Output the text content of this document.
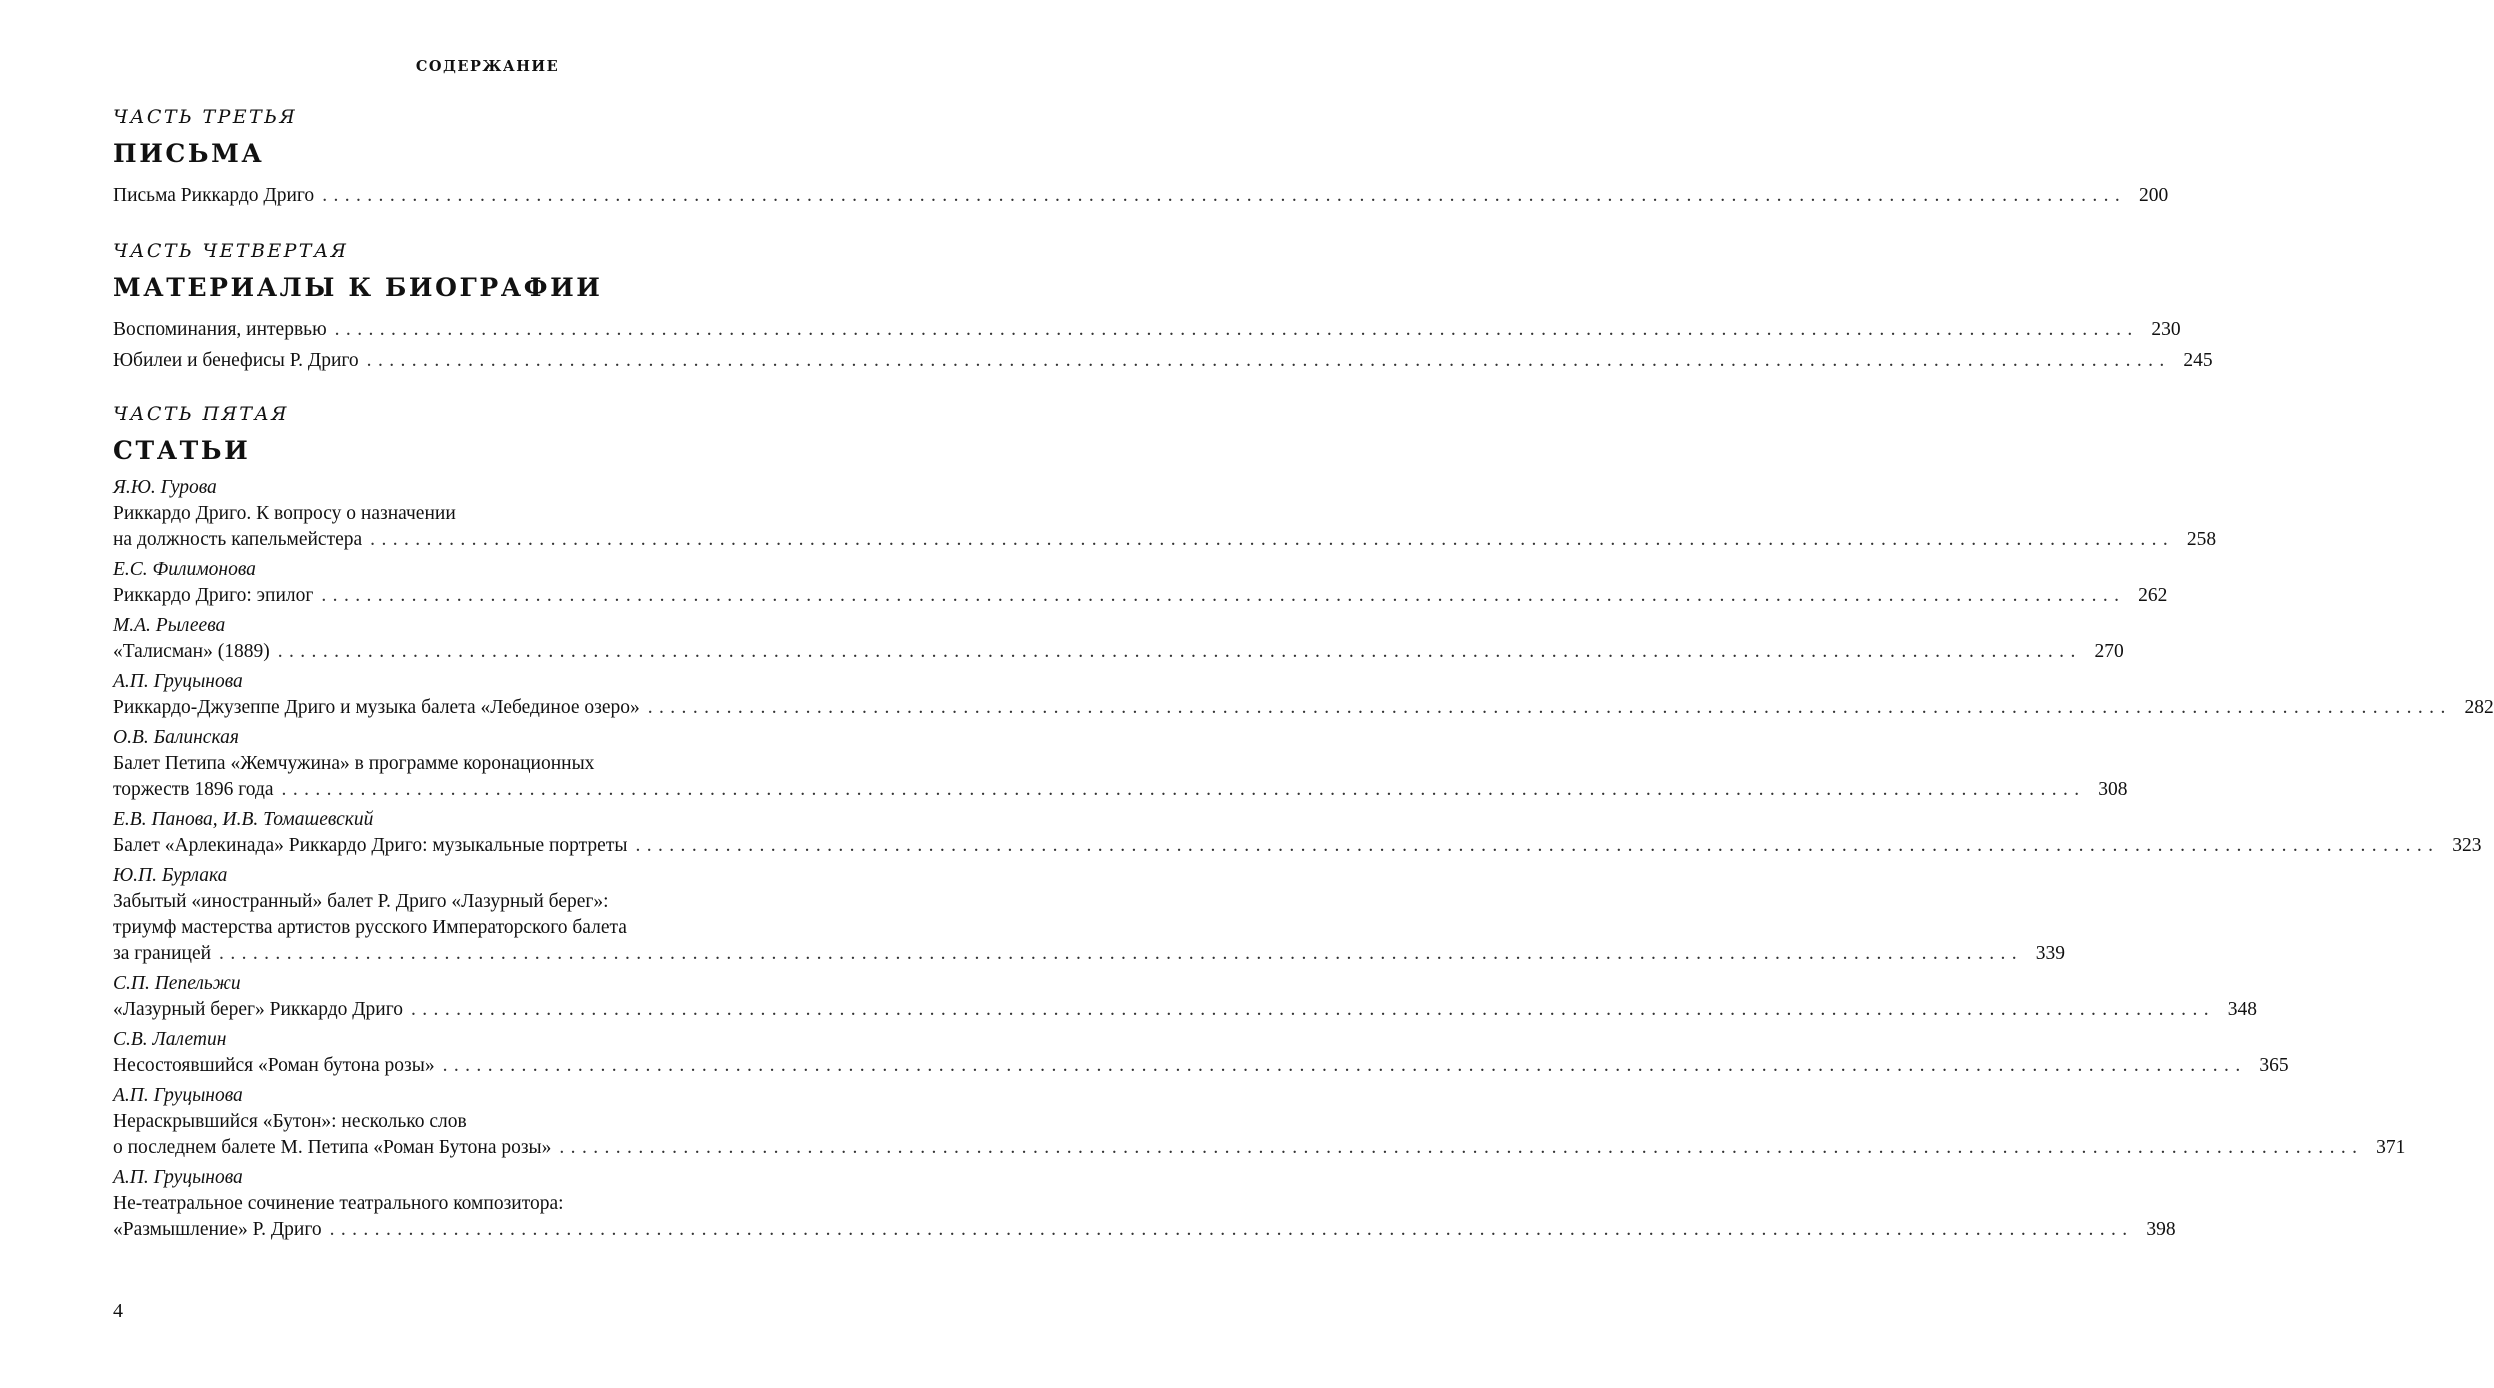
СОДЕРЖАНИЕ
ЧАСТЬ ТРЕТЬЯ
ПИСЬМА
Письма Риккардо Дриго ................................................................................................................................................................ 200
ЧАСТЬ ЧЕТВЕРТАЯ
МАТЕРИАЛЫ К БИОГРАФИИ
Воспоминания, интервью ................................................................................................................................................................ 230
Юбилеи и бенефисы Р. Дриго ................................................................................................................................................................ 245
ЧАСТЬ ПЯТАЯ
СТАТЬИ
Я.Ю. Гурова
Риккардо Дриго. К вопросу о назначении
на должность капельмейстера ................................................................................................................................................................ 258
Е.С. Филимонова
Риккардо Дриго: эпилог ................................................................................................................................................................ 262
М.А. Рылеева
«Талисман» (1889) ................................................................................................................................................................ 270
А.П. Груцынова
Риккардо-Джузеппе Дриго и музыка балета «Лебединое озеро» ................................................................................................................................................................ 282
О.В. Балинская
Балет Петипа «Жемчужина» в программе коронационных
торжеств 1896 года ................................................................................................................................................................ 308
Е.В. Панова, И.В. Томашевский
Балет «Арлекинада» Риккардо Дриго: музыкальные портреты ................................................................................................................................................................ 323
Ю.П. Бурлака
Забытый «иностранный» балет Р. Дриго «Лазурный берег»:
триумф мастерства артистов русского Императорского балета
за границей ................................................................................................................................................................ 339
С.П. Пепельжи
«Лазурный берег» Риккардо Дриго ................................................................................................................................................................ 348
С.В. Лалетин
Несостоявшийся «Роман бутона розы» ................................................................................................................................................................ 365
А.П. Груцынова
Нераскрывшийся «Бутон»: несколько слов
о последнем балете М. Петипа «Роман Бутона розы» ................................................................................................................................................................ 371
А.П. Груцынова
Не-театральное сочинение театрального композитора:
«Размышление» Р. Дриго ................................................................................................................................................................ 398
4
